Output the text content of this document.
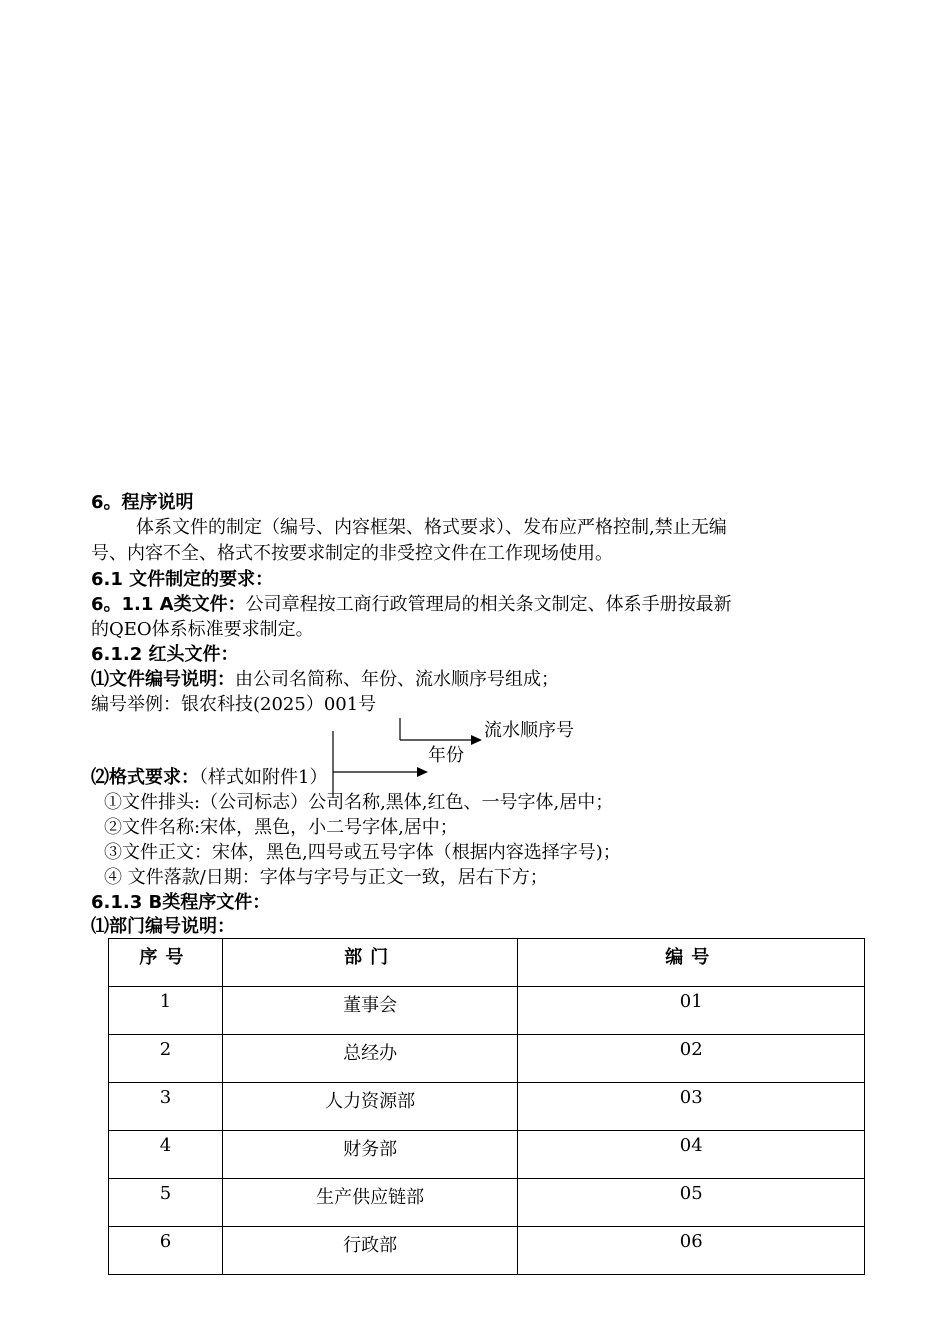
6。程序说明
体系文件的制定（编号、内容框架、格式要求）、发布应严格控制,禁止无编
号、内容不全、格式不按要求制定的非受控文件在工作现场使用。
6.1 文件制定的要求：
6。1.1 A类文件：公司章程按工商行政管理局的相关条文制定、体系手册按最新
的QEO体系标准要求制定。
6.1.2 红头文件：
⑴文件编号说明：由公司名简称、年份、流水顺序号组成；
编号举例：银农科技(2025）001号
流水顺序号
年份
⑵格式要求：（样式如附件1）
①文件排头:（公司标志）公司名称,黑体,红色、一号字体,居中；
②文件名称:宋体，黑色，小二号字体,居中；
③文件正文：宋体，黑色,四号或五号字体（根据内容选择字号)；
④ 文件落款/日期：字体与字号与正文一致，居右下方；
6.1.3 B类程序文件：
⑴部门编号说明：
序号	部门	编号
1	董事会	01
2	总经办	02
3	人力资源部	03
4	财务部	04
5	生产供应链部	05
6	行政部	06
